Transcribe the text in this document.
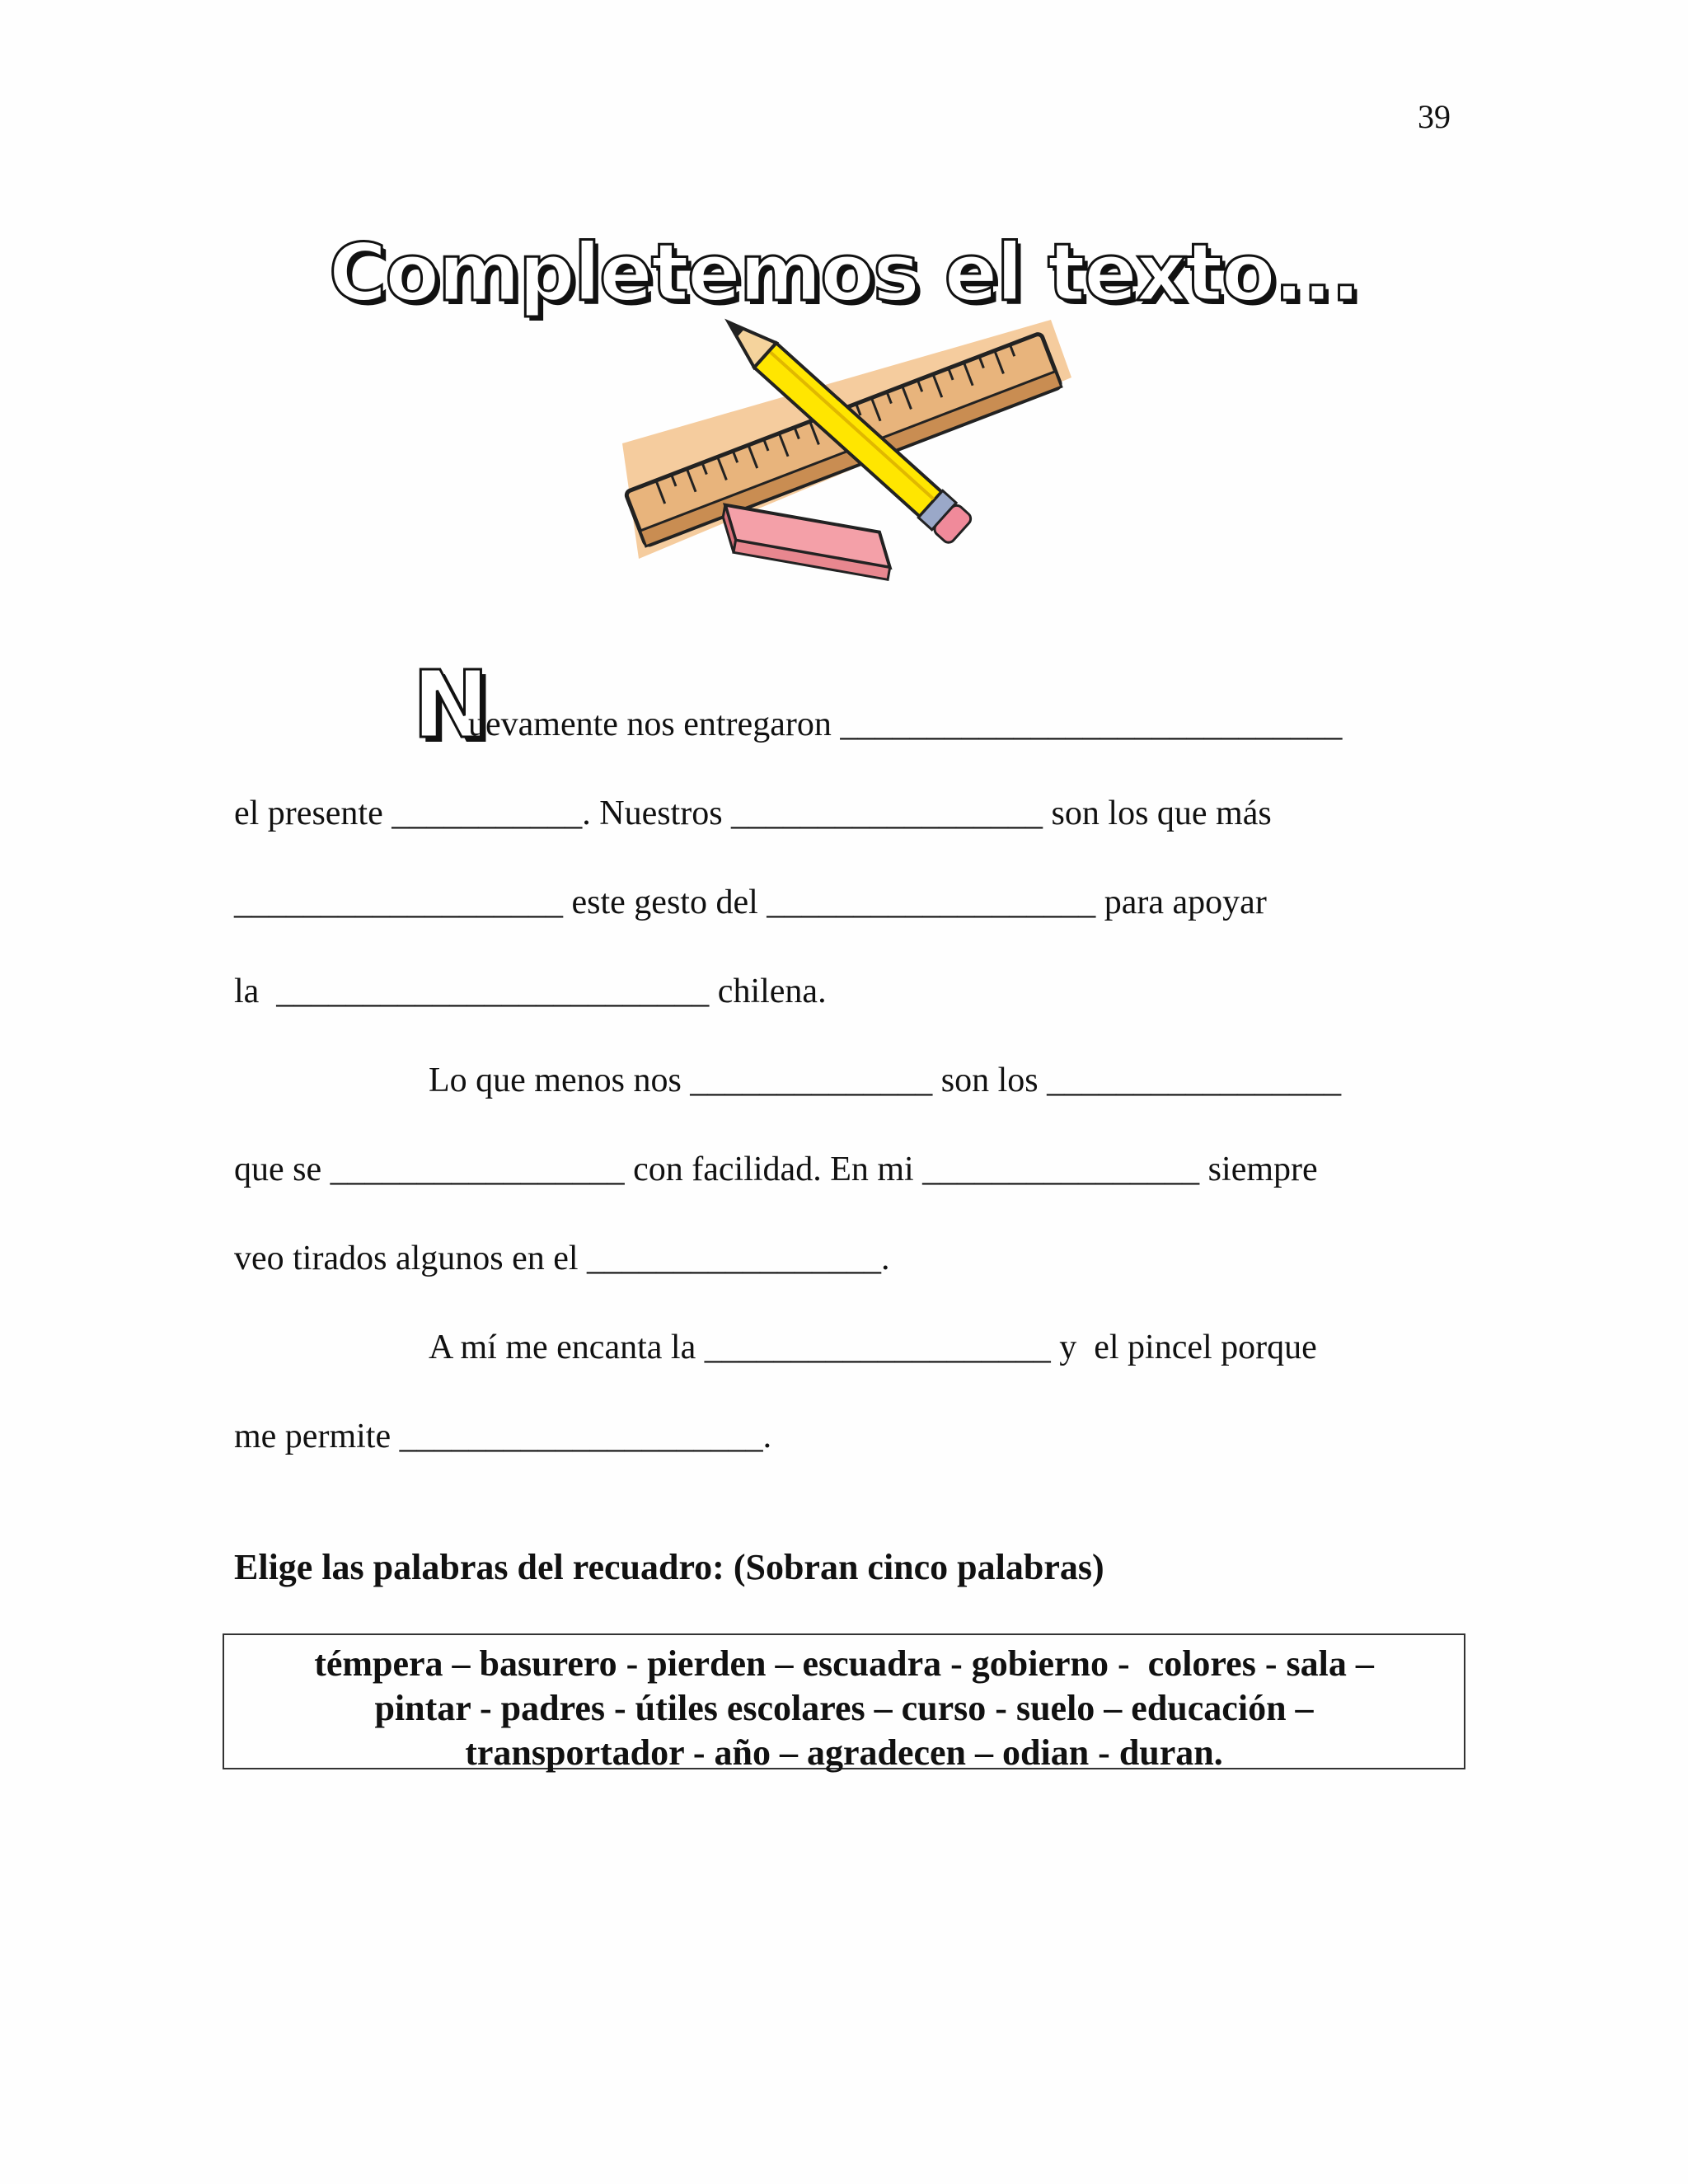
39
Completemos el texto...
N
uevamente nos entregaron _____________________________
el presente ___________. Nuestros __________________ son los que más
___________________ este gesto del ___________________ para apoyar
la  _________________________ chilena.
Lo que menos nos ______________ son los _________________
que se _________________ con facilidad. En mi ________________ siempre
veo tirados algunos en el _________________.
A mí me encanta la ____________________ y  el pincel porque
me permite _____________________.
Elige las palabras del recuadro: (Sobran cinco palabras)
témpera – basurero - pierden – escuadra - gobierno -  colores - sala –
pintar - padres - útiles escolares – curso - suelo – educación –
transportador - año – agradecen – odian - duran.
